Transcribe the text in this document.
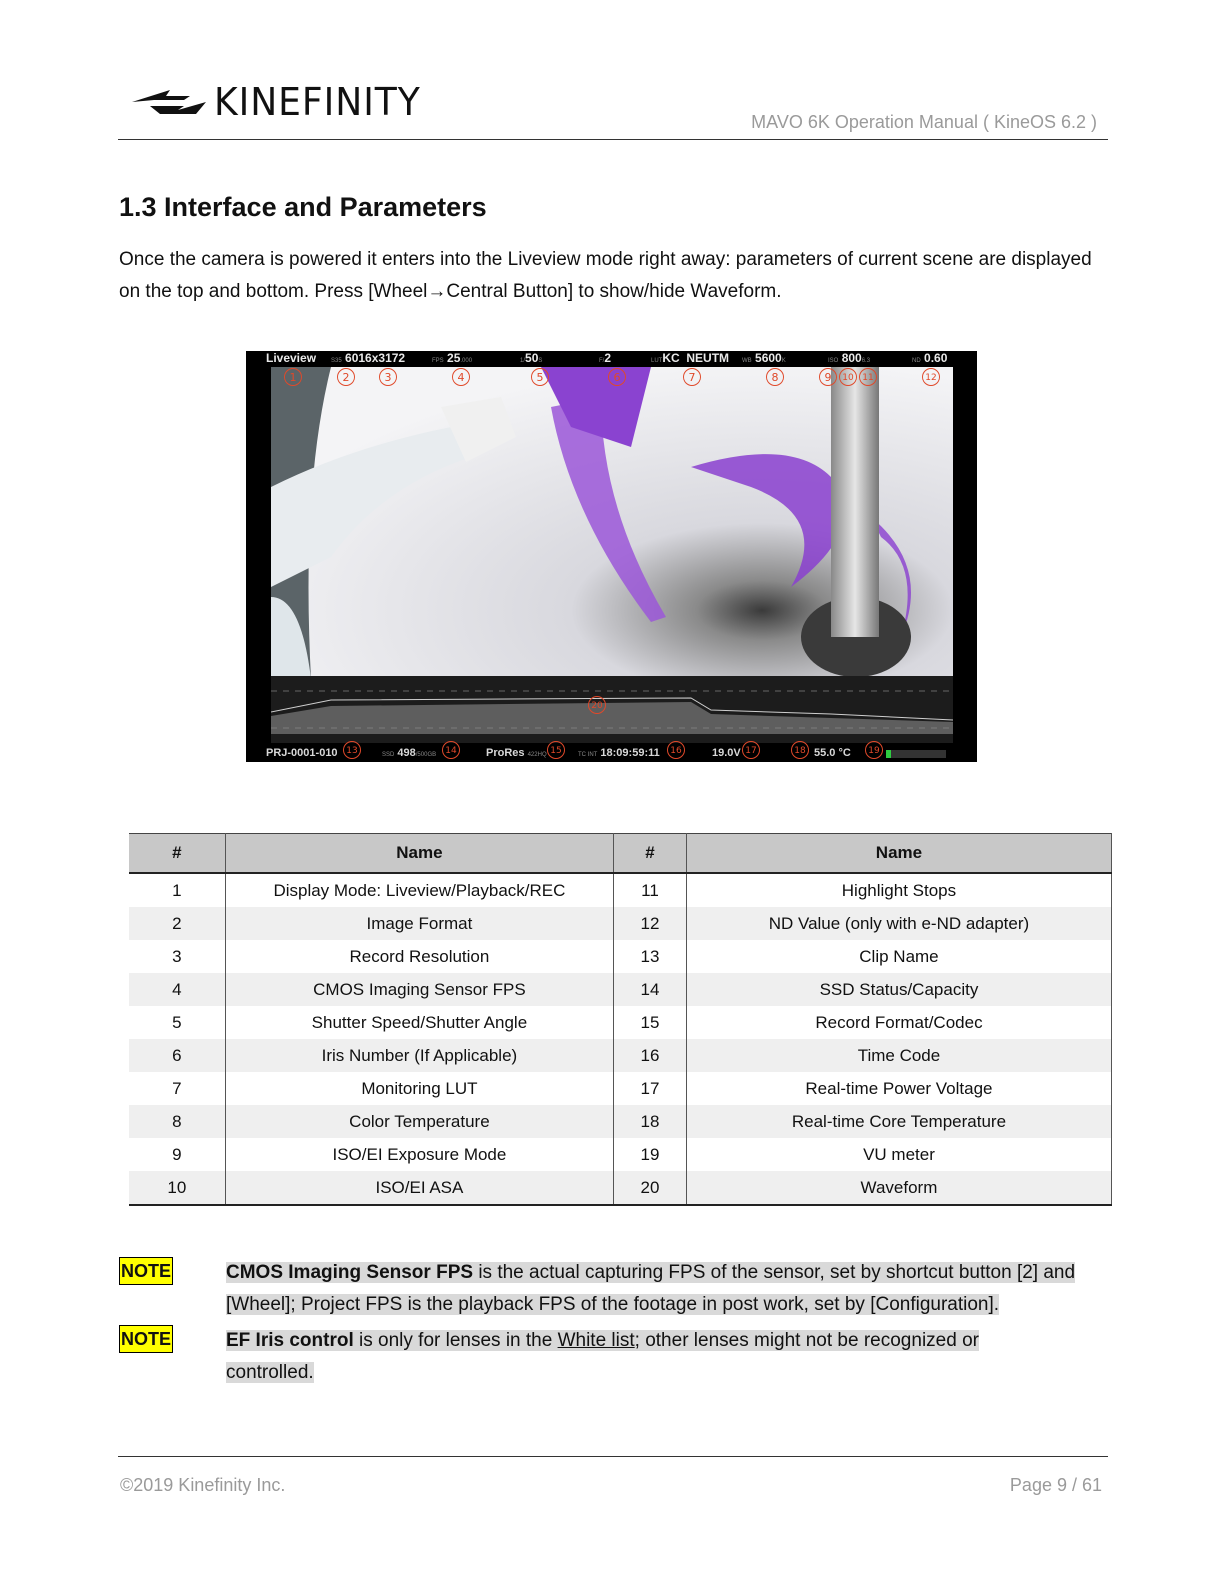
KINEFINITY	MAVO 6K Operation Manual ( KineOS 6.2 )
1.3 Interface and Parameters
Once the camera is powered it enters into the Liveview mode right away: parameters of current scene are displayed on the top and bottom. Press [Wheel→Central Button] to show/hide Waveform.
Liveview S35 6016x3172	FPS 25.000	1/50S	F/2	LUTKC NEUTM WB 5600K	ISO 8006.3	ND 0.60
PRJ-0001-010	SSD 498/500GB	ProRes 422HQ	TC INT 18:09:59:11	19.0V	55.0 °C
1	2	3	4	5	6	7	8	9	10 11	12
13	14	15	16	17	18	19
20
#	Name	#	Name
1	Display Mode: Liveview/Playback/REC	11	Highlight Stops
2	Image Format	12	ND Value (only with e-ND adapter)
3	Record Resolution	13	Clip Name
4	CMOS Imaging Sensor FPS	14	SSD Status/Capacity
5	Shutter Speed/Shutter Angle	15	Record Format/Codec
6	Iris Number (If Applicable)	16	Time Code
7	Monitoring LUT	17	Real-time Power Voltage
8	Color Temperature	18	Real-time Core Temperature
9	ISO/EI Exposure Mode	19	VU meter
10	ISO/EI ASA	20	Waveform
NOTE	CMOS Imaging Sensor FPS is the actual capturing FPS of the sensor, set by shortcut button [2] and [Wheel]; Project FPS is the playback FPS of the footage in post work, set by [Configuration].
NOTE	EF Iris control is only for lenses in the White list; other lenses might not be recognized or controlled.
©2019 Kinefinity Inc.	Page 9 / 61
